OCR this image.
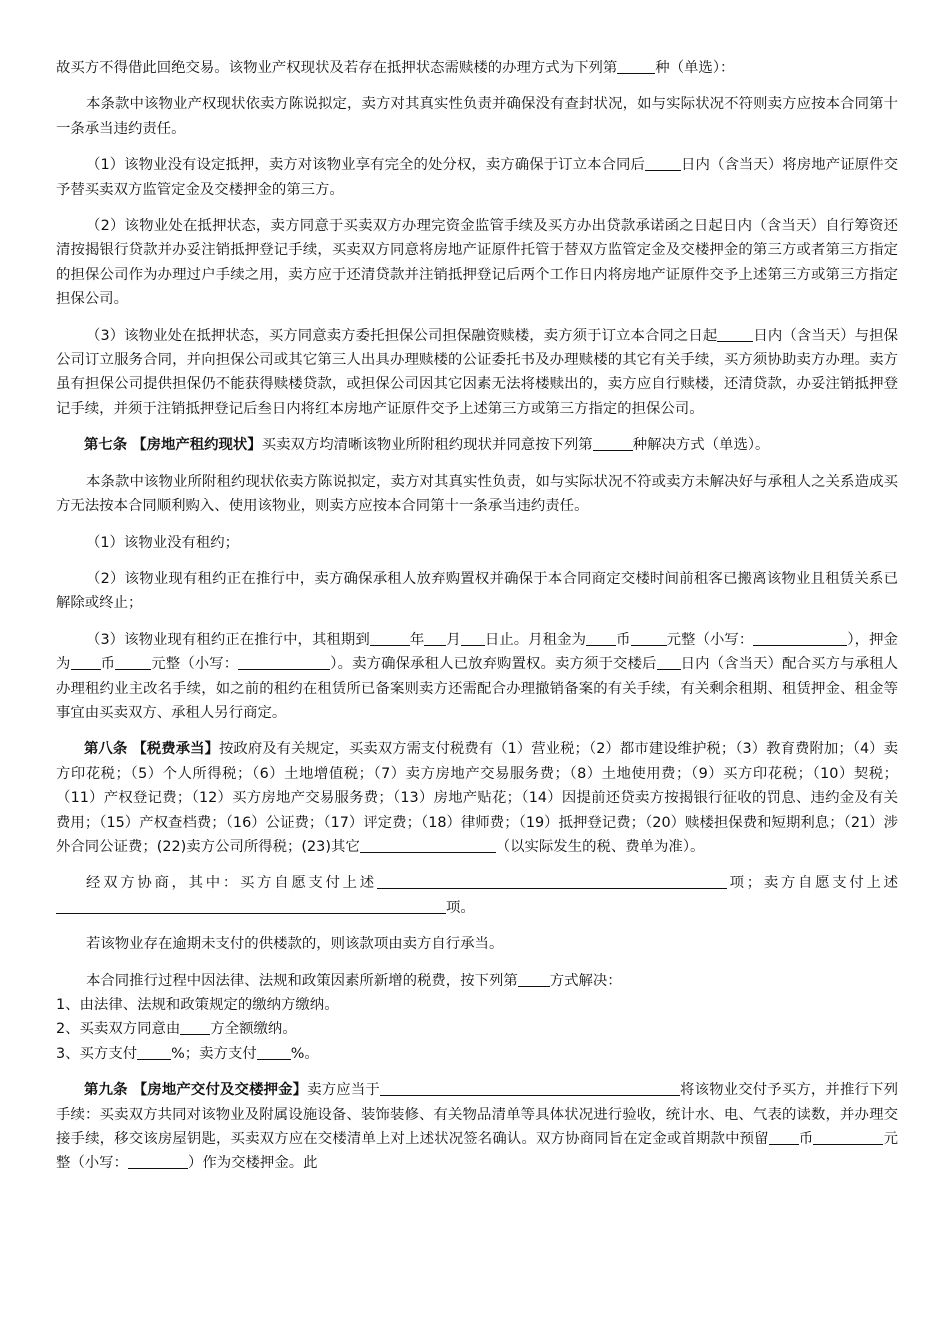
故买方不得借此回绝交易。该物业产权现状及若存在抵押状态需赎楼的办理方式为下列第	种（单选）：

本条款中该物业产权现状依卖方陈说拟定，卖方对其真实性负责并确保没有查封状况，如与实际状况不符则卖方应按本合同第十一条承当违约责任。

（1）该物业没有设定抵押，卖方对该物业享有完全的处分权，卖方确保于订立本合同后	日内（含当天）将房地产证原件交予替买卖双方监管定金及交楼押金的第三方。

（2）该物业处在抵押状态，卖方同意于买卖双方办理完资金监管手续及买方办出贷款承诺函之日起日内（含当天）自行筹资还清按揭银行贷款并办妥注销抵押登记手续，买卖双方同意将房地产证原件托管于替双方监管定金及交楼押金的第三方或者第三方指定的担保公司作为办理过户手续之用，卖方应于还清贷款并注销抵押登记后两个工作日内将房地产证原件交予上述第三方或第三方指定担保公司。

（3）该物业处在抵押状态，买方同意卖方委托担保公司担保融资赎楼，卖方须于订立本合同之日起	日内（含当天）与担保公司订立服务合同，并向担保公司或其它第三人出具办理赎楼的公证委托书及办理赎楼的其它有关手续，买方须协助卖方办理。卖方虽有担保公司提供担保仍不能获得赎楼贷款，或担保公司因其它因素无法将楼赎出的，卖方应自行赎楼，还清贷款，办妥注销抵押登记手续，并须于注销抵押登记后叁日内将红本房地产证原件交予上述第三方或第三方指定的担保公司。

第七条 【房地产租约现状】买卖双方均清晰该物业所附租约现状并同意按下列第	种解决方式（单选）。

本条款中该物业所附租约现状依卖方陈说拟定，卖方对其真实性负责，如与实际状况不符或卖方未解决好与承租人之关系造成买方无法按本合同顺利购入、使用该物业，则卖方应按本合同第十一条承当违约责任。

（1）该物业没有租约；

（2）该物业现有租约正在推行中，卖方确保承租人放弃购置权并确保于本合同商定交楼时间前租客已搬离该物业且租赁关系已解除或终止；

（3）该物业现有租约正在推行中，其租期到	年 月 日止。月租金为 币	元整（小写：	），押金为 币	元整（小写：	）。卖方确保承租人已放弃购置权。卖方须于交楼后 日内（含当天）配合买方与承租人办理租约业主改名手续，如之前的租约在租赁所已备案则卖方还需配合办理撤销备案的有关手续，有关剩余租期、租赁押金、租金等事宜由买卖双方、承租人另行商定。

第八条 【税费承当】按政府及有关规定，买卖双方需支付税费有（1）营业税；（2）都市建设维护税；（3）教育费附加；（4）卖方印花税；（5）个人所得税；（6）土地增值税；（7）卖方房地产交易服务费；（8）土地使用费；（9）买方印花税；（10）契税；（11）产权登记费；（12）买方房地产交易服务费；（13）房地产贴花；（14）因提前还贷卖方按揭银行征收的罚息、违约金及有关费用；（15）产权查档费；（16）公证费；（17）评定费；（18）律师费；（19）抵押登记费；（20）赎楼担保费和短期利息；（21）涉外合同公证费；(22)卖方公司所得税；(23)其它	（以实际发生的税、费单为准）。

经双方协商，其中：买方自愿支付上述	项；卖方自愿支付上述项。

若该物业存在逾期未支付的供楼款的，则该款项由卖方自行承当。

本合同推行过程中因法律、法规和政策因素所新增的税费，按下列第 方式解决：

1、由法律、法规和政策规定的缴纳方缴纳。

2、买卖双方同意由 方全额缴纳。

3、买方支付 %；卖方支付 %。

第九条 【房地产交付及交楼押金】卖方应当于	将该物业交付予买方，并推行下列手续：买卖双方共同对该物业及附属设施设备、装饰装修、有关物品清单等具体状况进行验收，统计水、电、气表的读数，并办理交接手续，移交该房屋钥匙，买卖双方应在交楼清单上对上述状况签名确认。双方协商同旨在定金或首期款中预留 币	元整（小写：	）作为交楼押金。此
